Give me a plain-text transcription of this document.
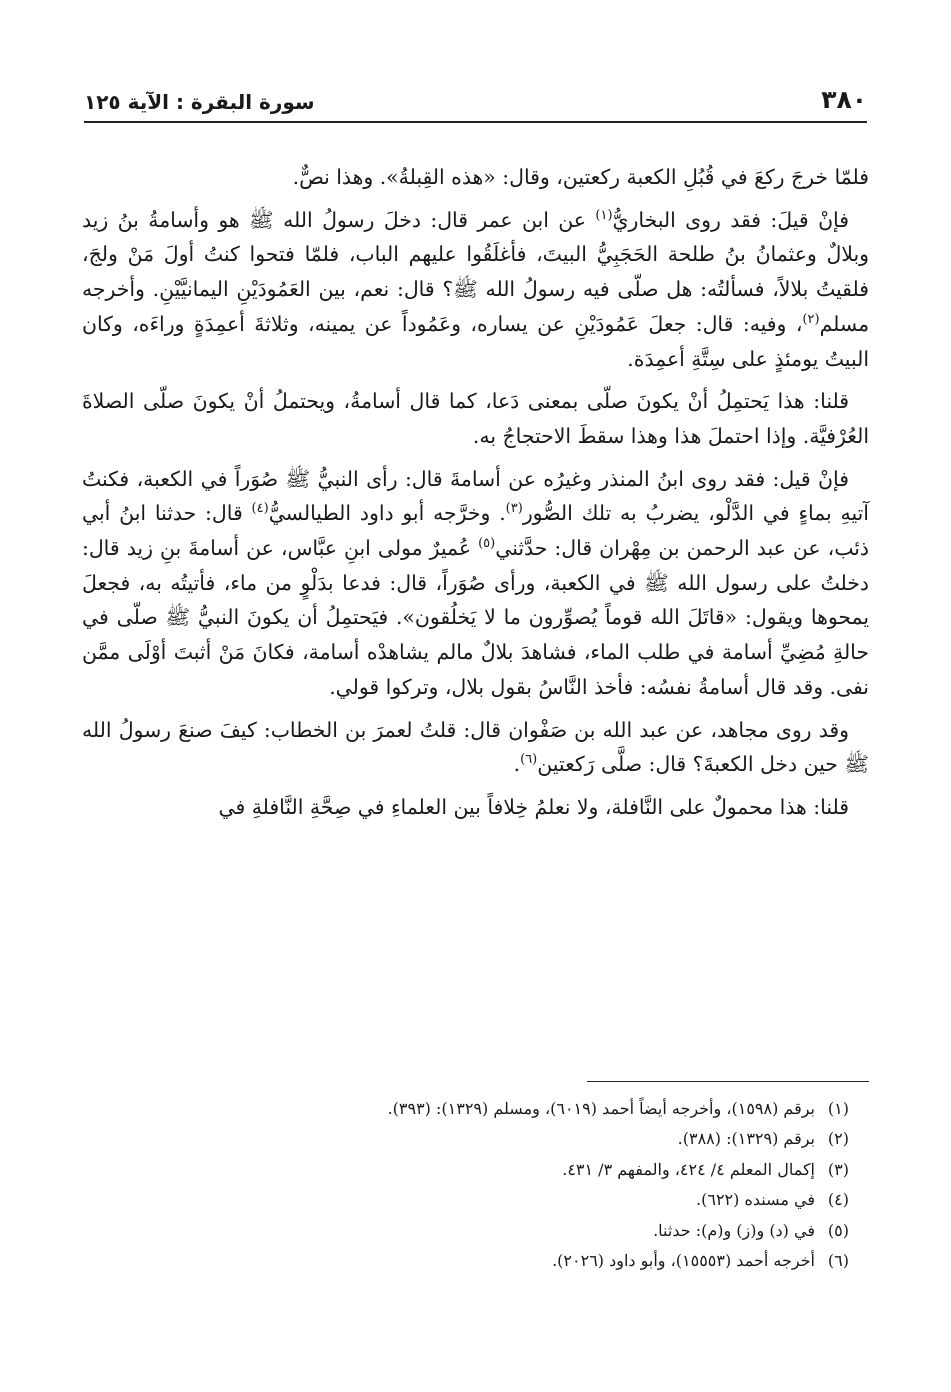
٣٨٠
سورة البقرة : الآية ١٢٥

فلمّا خرجَ ركعَ في قُبُلِ الكعبة ركعتين، وقال: «هذه القِبلةُ». وهذا نصٌّ.

فإنْ قيلَ: فقد روى البخاريُّ$^{(١)}$ عن ابن عمر قال: دخلَ رسولُ الله ﷺ هو وأسامةُ بنُ زيد وبلالٌ وعثمانُ بنُ طلحة الحَجَبِيُّ البيتَ، فأغلَقُوا عليهم الباب، فلمّا فتحوا كنتُ أولَ مَنْ ولجَ، فلقيتُ بلالاً، فسألتُه: هل صلّى فيه رسولُ الله ﷺ؟ قال: نعم، بين العَمُودَيْنِ اليمانيَّيْنِ. وأخرجه مسلم$^{(٢)}$، وفيه: قال: جعلَ عَمُودَيْنِ عن يساره، وعَمُوداً عن يمينه، وثلاثةَ أعمِدَةٍ وراءَه، وكان البيتُ يومئذٍ على سِتَّةِ أعمِدَة.

قلنا: هذا يَحتمِلُ أنْ يكونَ صلّى بمعنى دَعا، كما قال أسامةُ، ويحتملُ أنْ يكونَ صلّى الصلاةَ العُرْفيَّة. وإذا احتملَ هذا وهذا سقطَ الاحتجاجُ به.

فإنْ قيل: فقد روى ابنُ المنذر وغيرُه عن أسامةَ قال: رأى النبيُّ ﷺ صُوَراً في الكعبة، فكنتُ آتيهِ بماءٍ في الدَّلْو، يضربُ به تلك الصُّور$^{(٣)}$. وخرَّجه أبو داود الطيالسيُّ$^{(٤)}$ قال: حدثنا ابنُ أبي ذئب، عن عبد الرحمن بن مِهْران قال: حدَّثني$^{(٥)}$ عُميرٌ مولى ابنِ عبَّاس، عن أسامةَ بنِ زيد قال: دخلتُ على رسول الله ﷺ في الكعبة، ورأى صُوَراً، قال: فدعا بدَلْوٍ من ماء، فأتيتُه به، فجعلَ يمحوها ويقول: «قاتَلَ الله قوماً يُصوِّرون ما لا يَخلُقون». فيَحتمِلُ أن يكونَ النبيُّ ﷺ صلّى في حالةِ مُضِيِّ أسامة في طلب الماء، فشاهدَ بلالٌ مالم يشاهدْه أسامة، فكانَ مَنْ أثبتَ أوْلَى ممَّن نفى. وقد قال أسامةُ نفسُه: فأخذ النَّاسُ بقول بلال، وتركوا قولي.

وقد روى مجاهد، عن عبد الله بن صَفْوان قال: قلتُ لعمرَ بن الخطاب: كيفَ صنعَ رسولُ الله ﷺ حين دخل الكعبةَ؟ قال: صلَّى رَكعتين$^{(٦)}$.

قلنا: هذا محمولٌ على النَّافلة، ولا نعلمُ خِلافاً بين العلماءِ في صِحَّةِ النَّافلةِ في

(١)
برقم (١٥٩٨)، وأخرجه أيضاً أحمد (٦٠١٩)، ومسلم (١٣٢٩): (٣٩٣).
(٢)
برقم (١٣٢٩): (٣٨٨).
(٣)
إكمال المعلم ٤/ ٤٢٤، والمفهم ٣/ ٤٣١.
(٤)
في مسنده (٦٢٢).
(٥)
في (د) و(ز) و(م): حدثنا.
(٦)
أخرجه أحمد (١٥٥٥٣)، وأبو داود (٢٠٢٦).
